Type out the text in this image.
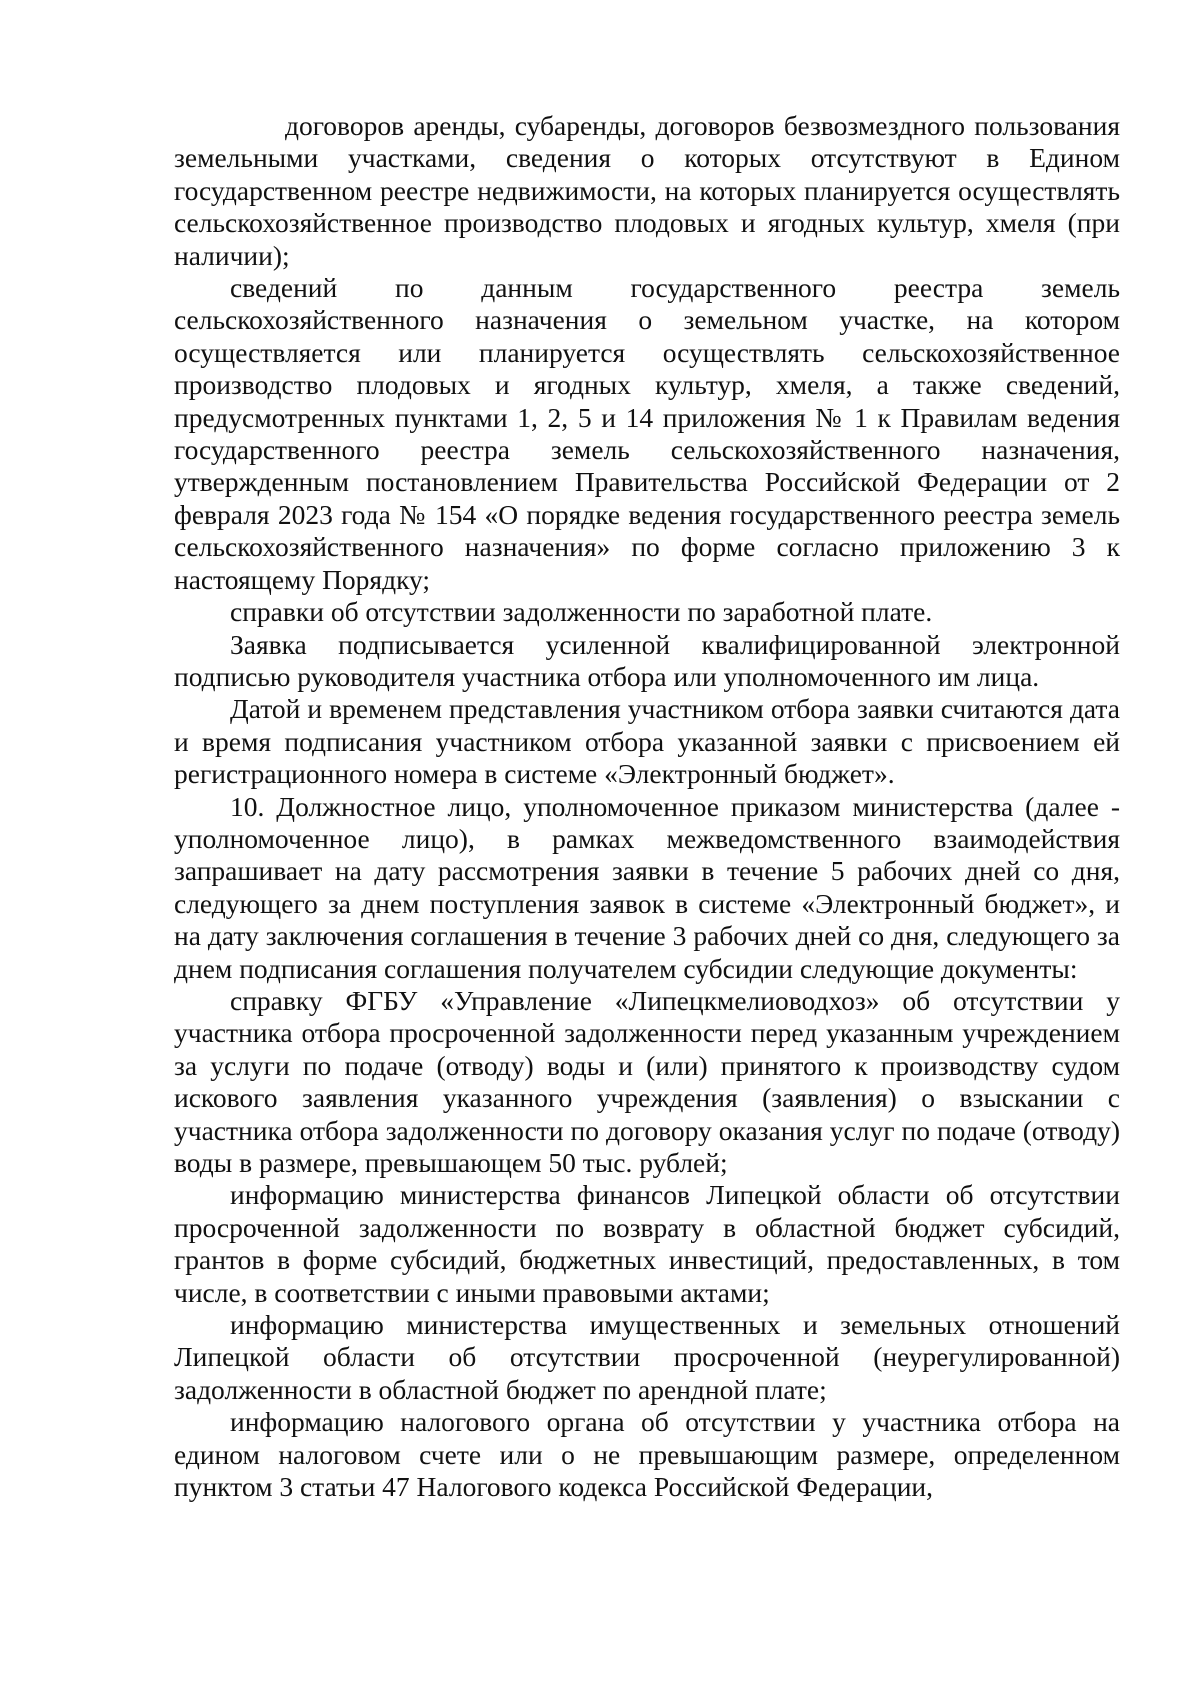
договоров аренды, субаренды, договоров безвозмездного пользования земельными участками, сведения о которых отсутствуют в Едином государственном реестре недвижимости, на которых планируется осуществлять сельскохозяйственное производство плодовых и ягодных культур, хмеля (при наличии);

сведений по данным государственного реестра земель сельскохозяйственного назначения о земельном участке, на котором осуществляется или планируется осуществлять сельскохозяйственное производство плодовых и ягодных культур, хмеля, а также сведений, предусмотренных пунктами 1, 2, 5 и 14 приложения № 1 к Правилам ведения государственного реестра земель сельскохозяйственного назначения, утвержденным постановлением Правительства Российской Федерации от 2 февраля 2023 года № 154 «О порядке ведения государственного реестра земель сельскохозяйственного назначения» по форме согласно приложению 3 к настоящему Порядку;

справки об отсутствии задолженности по заработной плате.

Заявка подписывается усиленной квалифицированной электронной подписью руководителя участника отбора или уполномоченного им лица.

Датой и временем представления участником отбора заявки считаются дата и время подписания участником отбора указанной заявки с присвоением ей регистрационного номера в системе «Электронный бюджет».

10. Должностное лицо, уполномоченное приказом министерства (далее - уполномоченное лицо), в рамках межведомственного взаимодействия запрашивает на дату рассмотрения заявки в течение 5 рабочих дней со дня, следующего за днем поступления заявок в системе «Электронный бюджет», и на дату заключения соглашения в течение 3 рабочих дней со дня, следующего за днем подписания соглашения получателем субсидии следующие документы:

справку ФГБУ «Управление «Липецкмелиоводхоз» об отсутствии у участника отбора просроченной задолженности перед указанным учреждением за услуги по подаче (отводу) воды и (или) принятого к производству судом искового заявления указанного учреждения (заявления) о взыскании с участника отбора задолженности по договору оказания услуг по подаче (отводу) воды в размере, превышающем 50 тыс. рублей;

информацию министерства финансов Липецкой области об отсутствии просроченной задолженности по возврату в областной бюджет субсидий, грантов в форме субсидий, бюджетных инвестиций, предоставленных, в том числе, в соответствии с иными правовыми актами;

информацию министерства имущественных и земельных отношений Липецкой области об отсутствии просроченной (неурегулированной) задолженности в областной бюджет по арендной плате;

информацию налогового органа об отсутствии у участника отбора на едином налоговом счете или о не превышающим размере, определенном пунктом 3 статьи 47 Налогового кодекса Российской Федерации,
